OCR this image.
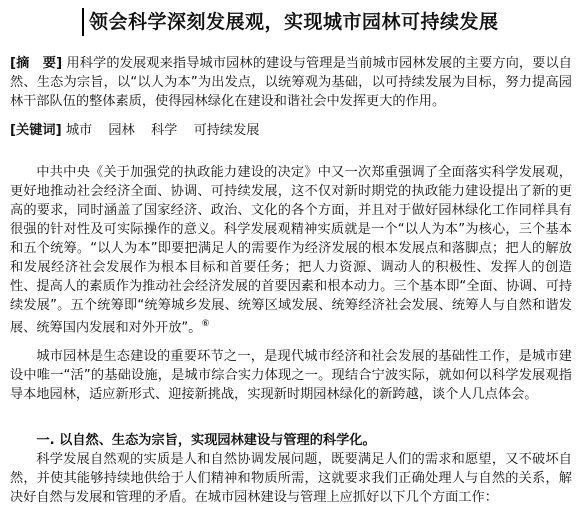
领会科学深刻发展观，实现城市园林可持续发展
[摘　要] 用科学的发展观来指导城市园林的建设与管理是当前城市园林发展的主要方向，要以自然、生态为宗旨，以“以人为本”为出发点，以统筹观为基础，以可持续发展为目标，努力提高园林干部队伍的整体素质，使得园林绿化在建设和谐社会中发挥更大的作用。
[关键词] 城市 园林 科学 可持续发展
中共中央《关于加强党的执政能力建设的决定》中又一次郑重强调了全面落实科学发展观，更好地推动社会经济全面、协调、可持续发展，这不仅对新时期党的执政能力建设提出了新的更高的要求，同时涵盖了国家经济、政治、文化的各个方面，并且对于做好园林绿化工作同样具有很强的针对性及可实际操作的意义。科学发展观精神实质就是一个“以人为本”为核心，三个基本和五个统筹。“以人为本”即要把满足人的需要作为经济发展的根本发展点和落脚点；把人的解放和发展经济社会发展作为根本目标和首要任务；把人力资源、调动人的积极性、发挥人的创造性、提高人的素质作为推动社会经济发展的首要因素和根本动力。三个基本即“全面、协调、可持续发展”。五个统筹即“统筹城乡发展、统筹区域发展、统筹经济社会发展、统筹人与自然和谐发展、统筹国内发展和对外开放”。⑥
城市园林是生态建设的重要环节之一，是现代城市经济和社会发展的基础性工作，是城市建设中唯一“活”的基础设施，是城市综合实力体现之一。现结合宁波实际，就如何以科学发展观指导本地园林，适应新形式、迎接新挑战，实现新时期园林绿化的新跨越，谈个人几点体会。
一. 以自然、生态为宗旨，实现园林建设与管理的科学化。
科学发展自然观的实质是人和自然协调发展问题，既要满足人们的需求和愿望，又不破坏自然，并使其能够持续地供给于人们精神和物质所需，这就要求我们正确处理人与自然的关系，解决好自然与发展和管理的矛盾。在城市园林建设与管理上应抓好以下几个方面工作：
